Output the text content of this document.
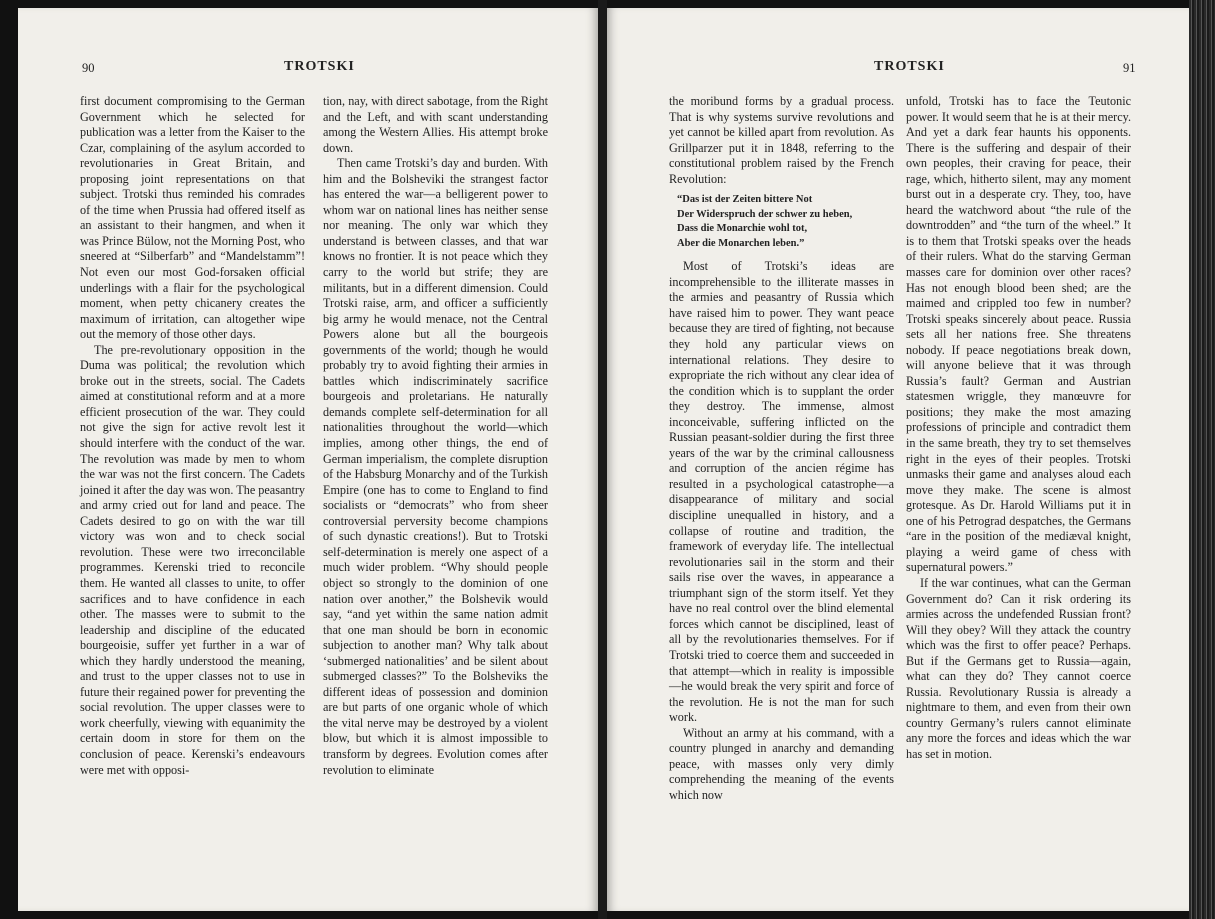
90	TROTSKI

first document compromising to the German Government which he selected for publication was a letter from the Kaiser to the Czar, complaining of the asylum accorded to revolutionaries in Great Britain, and proposing joint representations on that subject. Trotski thus reminded his comrades of the time when Prussia had offered itself as an assistant to their hangmen, and when it was Prince Bülow, not the Morning Post, who sneered at “Silberfarb” and “Mandelstamm”! Not even our most God-forsaken official underlings with a flair for the psychological moment, when petty chicanery creates the maximum of irritation, can altogether wipe out the memory of those other days.

The pre-revolutionary opposition in the Duma was political; the revolution which broke out in the streets, social. The Cadets aimed at constitutional reform and at a more efficient prosecution of the war. They could not give the sign for active revolt lest it should interfere with the conduct of the war. The revolution was made by men to whom the war was not the first concern. The Cadets joined it after the day was won. The peasantry and army cried out for land and peace. The Cadets desired to go on with the war till victory was won and to check social revolution. These were two irreconcilable programmes. Kerenski tried to reconcile them. He wanted all classes to unite, to offer sacrifices and to have confidence in each other. The masses were to submit to the leadership and discipline of the educated bourgeoisie, suffer yet further in a war of which they hardly understood the meaning, and trust to the upper classes not to use in future their regained power for preventing the social revolution. The upper classes were to work cheerfully, viewing with equanimity the certain doom in store for them on the conclusion of peace. Kerenski’s endeavours were met with opposi-

tion, nay, with direct sabotage, from the Right and the Left, and with scant understanding among the Western Allies. His attempt broke down.

Then came Trotski’s day and burden. With him and the Bolsheviki the strangest factor has entered the war—a belligerent power to whom war on national lines has neither sense nor meaning. The only war which they understand is between classes, and that war knows no frontier. It is not peace which they carry to the world but strife; they are militants, but in a different dimension. Could Trotski raise, arm, and officer a sufficiently big army he would menace, not the Central Powers alone but all the bourgeois governments of the world; though he would probably try to avoid fighting their armies in battles which indiscriminately sacrifice bourgeois and proletarians. He naturally demands complete self-determination for all nationalities throughout the world—which implies, among other things, the end of German imperialism, the complete disruption of the Habsburg Monarchy and of the Turkish Empire (one has to come to England to find socialists or “democrats” who from sheer controversial perversity become champions of such dynastic creations!). But to Trotski self-determination is merely one aspect of a much wider problem. “Why should people object so strongly to the dominion of one nation over another,” the Bolshevik would say, “and yet within the same nation admit that one man should be born in economic subjection to another man? Why talk about ‘submerged nationalities’ and be silent about submerged classes?” To the Bolsheviks the different ideas of possession and dominion are but parts of one organic whole of which the vital nerve may be destroyed by a violent blow, but which it is almost impossible to transform by degrees. Evolution comes after revolution to eliminate

TROTSKI	91

the moribund forms by a gradual process. That is why systems survive revolutions and yet cannot be killed apart from revolution. As Grillparzer put it in 1848, referring to the constitutional problem raised by the French Revolution:

“Das ist der Zeiten bittere Not
Der Widerspruch der schwer zu heben,
Dass die Monarchie wohl tot,
Aber die Monarchen leben.”

Most of Trotski’s ideas are incomprehensible to the illiterate masses in the armies and peasantry of Russia which have raised him to power. They want peace because they are tired of fighting, not because they hold any particular views on international relations. They desire to expropriate the rich without any clear idea of the condition which is to supplant the order they destroy. The immense, almost inconceivable, suffering inflicted on the Russian peasant-soldier during the first three years of the war by the criminal callousness and corruption of the ancien régime has resulted in a psychological catastrophe—a disappearance of military and social discipline unequalled in history, and a collapse of routine and tradition, the framework of everyday life. The intellectual revolutionaries sail in the storm and their sails rise over the waves, in appearance a triumphant sign of the storm itself. Yet they have no real control over the blind elemental forces which cannot be disciplined, least of all by the revolutionaries themselves. For if Trotski tried to coerce them and succeeded in that attempt—which in reality is impossible—he would break the very spirit and force of the revolution. He is not the man for such work.

Without an army at his command, with a country plunged in anarchy and demanding peace, with masses only very dimly comprehending the meaning of the events which now

unfold, Trotski has to face the Teutonic power. It would seem that he is at their mercy. And yet a dark fear haunts his opponents. There is the suffering and despair of their own peoples, their craving for peace, their rage, which, hitherto silent, may any moment burst out in a desperate cry. They, too, have heard the watchword about “the rule of the downtrodden” and “the turn of the wheel.” It is to them that Trotski speaks over the heads of their rulers. What do the starving German masses care for dominion over other races? Has not enough blood been shed; are the maimed and crippled too few in number? Trotski speaks sincerely about peace. Russia sets all her nations free. She threatens nobody. If peace negotiations break down, will anyone believe that it was through Russia’s fault? German and Austrian statesmen wriggle, they manœuvre for positions; they make the most amazing professions of principle and contradict them in the same breath, they try to set themselves right in the eyes of their peoples. Trotski unmasks their game and analyses aloud each move they make. The scene is almost grotesque. As Dr. Harold Williams put it in one of his Petrograd despatches, the Germans “are in the position of the mediæval knight, playing a weird game of chess with supernatural powers.”

If the war continues, what can the German Government do? Can it risk ordering its armies across the undefended Russian front? Will they obey? Will they attack the country which was the first to offer peace? Perhaps. But if the Germans get to Russia—again, what can they do? They cannot coerce Russia. Revolutionary Russia is already a nightmare to them, and even from their own country Germany’s rulers cannot eliminate any more the forces and ideas which the war has set in motion.
